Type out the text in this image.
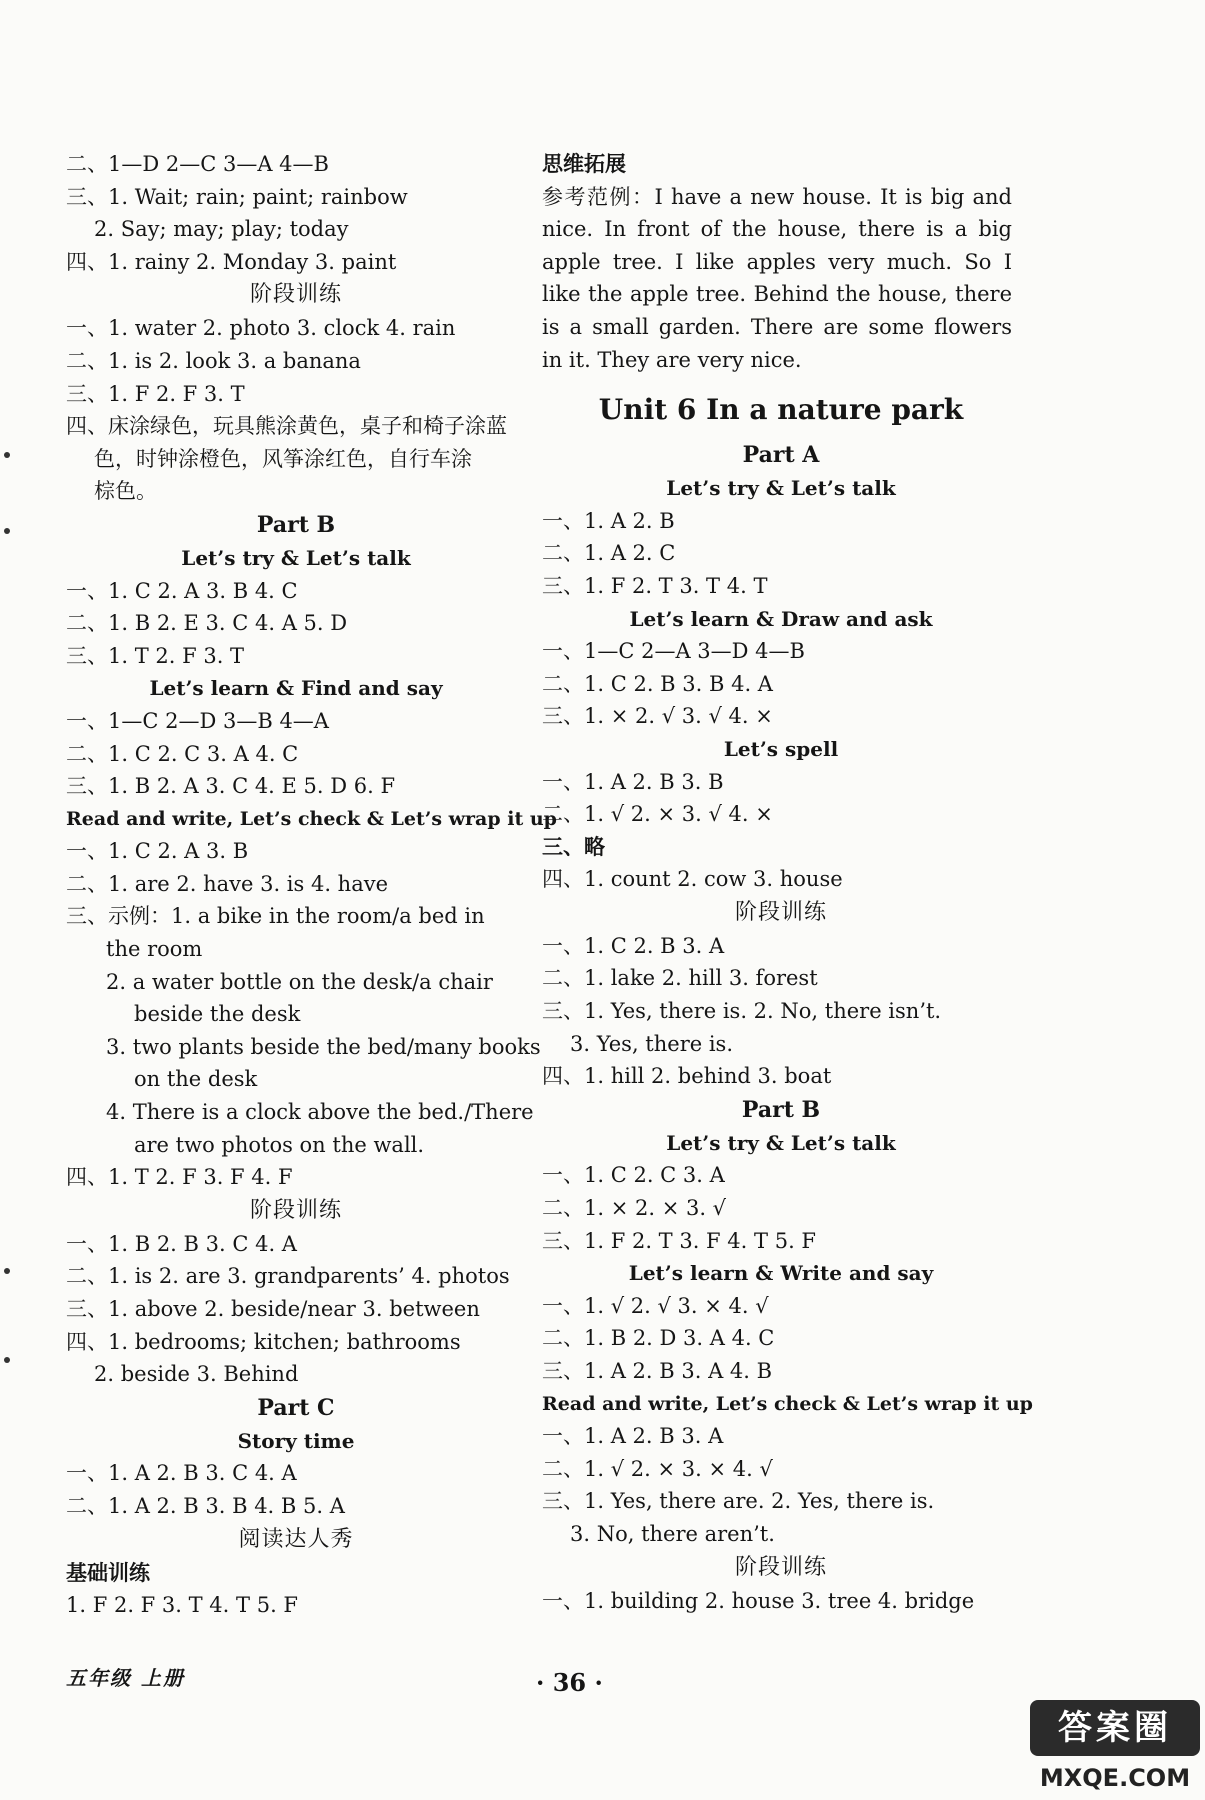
二、1—D 2—C 3—A 4—B
三、1. Wait; rain; paint; rainbow
2. Say; may; play; today
四、1. rainy 2. Monday 3. paint
阶段训练
一、1. water 2. photo 3. clock 4. rain
二、1. is 2. look 3. a banana
三、1. F 2. F 3. T
四、床涂绿色，玩具熊涂黄色，桌子和椅子涂蓝
色，时钟涂橙色，风筝涂红色，自行车涂
棕色。
Part B
Let’s try & Let’s talk
一、1. C 2. A 3. B 4. C
二、1. B 2. E 3. C 4. A 5. D
三、1. T 2. F 3. T
Let’s learn & Find and say
一、1—C 2—D 3—B 4—A
二、1. C 2. C 3. A 4. C
三、1. B 2. A 3. C 4. E 5. D 6. F
Read and write, Let’s check & Let’s wrap it up
一、1. C 2. A 3. B
二、1. are 2. have 3. is 4. have
三、示例：1. a bike in the room/a bed in
the room
2. a water bottle on the desk/a chair
beside the desk
3. two plants beside the bed/many books
on the desk
4. There is a clock above the bed./There
are two photos on the wall.
四、1. T 2. F 3. F 4. F
阶段训练
一、1. B 2. B 3. C 4. A
二、1. is 2. are 3. grandparents’ 4. photos
三、1. above 2. beside/near 3. between
四、1. bedrooms; kitchen; bathrooms
2. beside 3. Behind
Part C
Story time
一、1. A 2. B 3. C 4. A
二、1. A 2. B 3. B 4. B 5. A
阅读达人秀
基础训练
1. F 2. F 3. T 4. T 5. F
思维拓展
参考范例：I have a new house. It is big and nice. In front of the house, there is a big apple tree. I like apples very much. So I like the apple tree. Behind the house, there is a small garden. There are some flowers in it. They are very nice.
Unit 6 In a nature park
Part A
Let’s try & Let’s talk
一、1. A 2. B
二、1. A 2. C
三、1. F 2. T 3. T 4. T
Let’s learn & Draw and ask
一、1—C 2—A 3—D 4—B
二、1. C 2. B 3. B 4. A
三、1. × 2. √ 3. √ 4. ×
Let’s spell
一、1. A 2. B 3. B
二、1. √ 2. × 3. √ 4. ×
三、略
四、1. count 2. cow 3. house
阶段训练
一、1. C 2. B 3. A
二、1. lake 2. hill 3. forest
三、1. Yes, there is. 2. No, there isn’t.
3. Yes, there is.
四、1. hill 2. behind 3. boat
Part B
Let’s try & Let’s talk
一、1. C 2. C 3. A
二、1. × 2. × 3. √
三、1. F 2. T 3. F 4. T 5. F
Let’s learn & Write and say
一、1. √ 2. √ 3. × 4. √
二、1. B 2. D 3. A 4. C
三、1. A 2. B 3. A 4. B
Read and write, Let’s check & Let’s wrap it up
一、1. A 2. B 3. A
二、1. √ 2. × 3. × 4. √
三、1. Yes, there are. 2. Yes, there is.
3. No, there aren’t.
阶段训练
一、1. building 2. house 3. tree 4. bridge
五年级 上册	· 36 ·
答案圈
MXQE.COM
